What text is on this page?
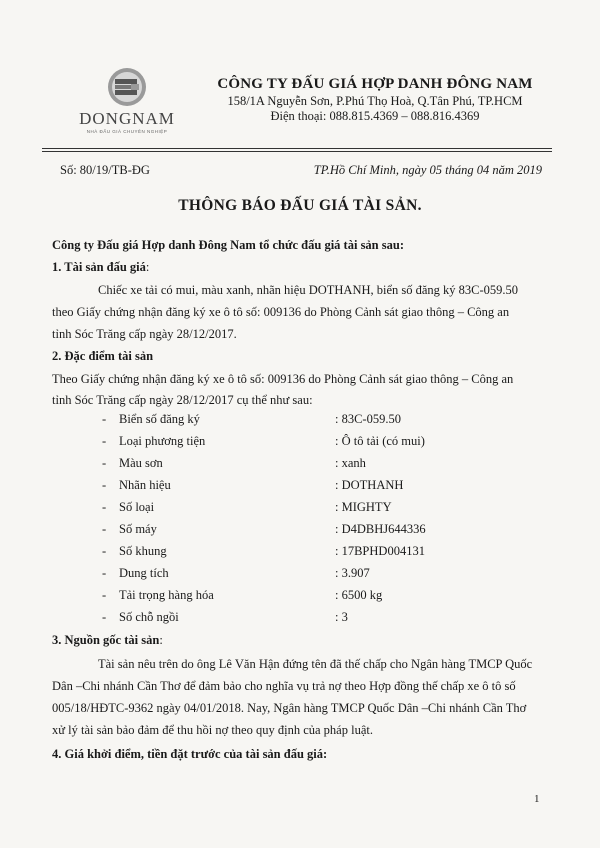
DONGNAM
NHÀ ĐẤU GIÁ CHUYÊN NGHIỆP
CÔNG TY ĐẤU GIÁ HỢP DANH ĐÔNG NAM
158/1A Nguyễn Sơn, P.Phú Thọ Hoà, Q.Tân Phú, TP.HCM
Điện thoại: 088.815.4369 – 088.816.4369
Số: 80/19/TB-ĐG	TP.Hồ Chí Minh, ngày 05 tháng 04 năm 2019
THÔNG BÁO ĐẤU GIÁ TÀI SẢN.
Công ty Đấu giá Hợp danh Đông Nam tổ chức đấu giá tài sản sau:
1. Tài sản đấu giá:
Chiếc xe tải có mui, màu xanh, nhãn hiệu DOTHANH, biển số đăng ký 83C-059.50
theo Giấy chứng nhận đăng ký xe ô tô số: 009136 do Phòng Cảnh sát giao thông – Công an
tỉnh Sóc Trăng cấp ngày 28/12/2017.
2. Đặc điểm tài sản
Theo Giấy chứng nhận đăng ký xe ô tô số: 009136 do Phòng Cảnh sát giao thông – Công an
tỉnh Sóc Trăng cấp ngày 28/12/2017 cụ thể như sau:
- Biển số đăng ký	: 83C-059.50
- Loại phương tiện	: Ô tô tải (có mui)
- Màu sơn	: xanh
- Nhãn hiệu	: DOTHANH
- Số loại	: MIGHTY
- Số máy	: D4DBHJ644336
- Số khung	: 17BPHD004131
- Dung tích	: 3.907
- Tải trọng hàng hóa	: 6500 kg
- Số chỗ ngồi	: 3
3. Nguồn gốc tài sản:
Tài sản nêu trên do ông Lê Văn Hận đứng tên đã thế chấp cho Ngân hàng TMCP Quốc
Dân –Chi nhánh Cần Thơ để đảm bảo cho nghĩa vụ trả nợ theo Hợp đồng thế chấp xe ô tô số
005/18/HĐTC-9362 ngày 04/01/2018. Nay, Ngân hàng TMCP Quốc Dân –Chi nhánh Cần Thơ
xử lý tài sản bảo đảm để thu hồi nợ theo quy định của pháp luật.
4. Giá khởi điểm, tiền đặt trước của tài sản đấu giá:
1
